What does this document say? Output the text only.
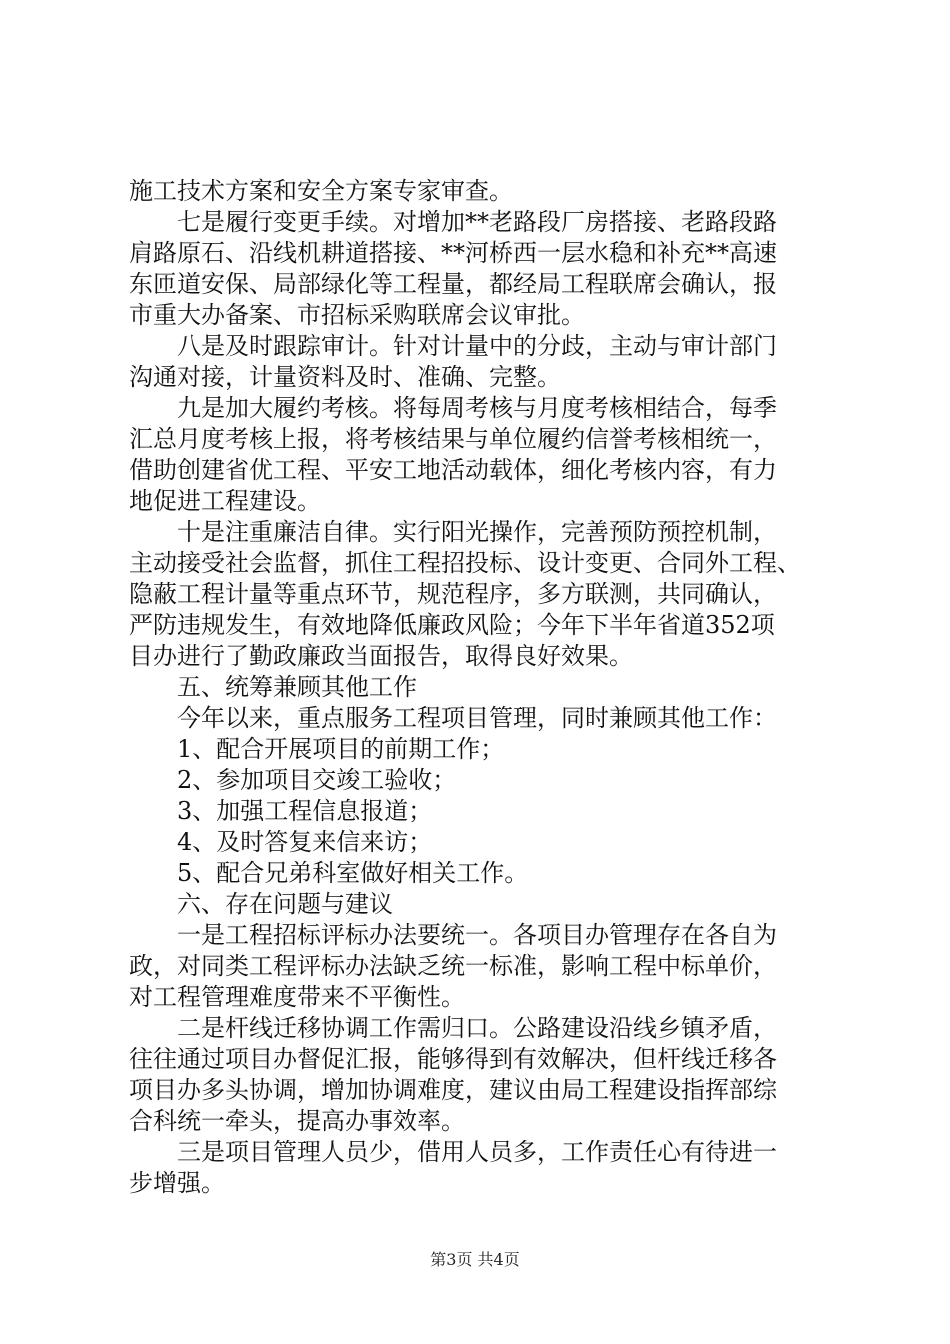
施工技术方案和安全方案专家审查。
七是履行变更手续。对增加**老路段厂房搭接、老路段路
肩路原石、沿线机耕道搭接、**河桥西一层水稳和补充**高速
东匝道安保、局部绿化等工程量，都经局工程联席会确认，报
市重大办备案、市招标采购联席会议审批。
八是及时跟踪审计。针对计量中的分歧，主动与审计部门
沟通对接，计量资料及时、准确、完整。
九是加大履约考核。将每周考核与月度考核相结合，每季
汇总月度考核上报，将考核结果与单位履约信誉考核相统一，
借助创建省优工程、平安工地活动载体，细化考核内容，有力
地促进工程建设。
十是注重廉洁自律。实行阳光操作，完善预防预控机制，
主动接受社会监督，抓住工程招投标、设计变更、合同外工程、
隐蔽工程计量等重点环节，规范程序，多方联测，共同确认，
严防违规发生，有效地降低廉政风险；今年下半年省道352项
目办进行了勤政廉政当面报告，取得良好效果。
五、统筹兼顾其他工作
今年以来，重点服务工程项目管理，同时兼顾其他工作：
1、配合开展项目的前期工作；
2、参加项目交竣工验收；
3、加强工程信息报道；
4、及时答复来信来访；
5、配合兄弟科室做好相关工作。
六、存在问题与建议
一是工程招标评标办法要统一。各项目办管理存在各自为
政，对同类工程评标办法缺乏统一标准，影响工程中标单价，
对工程管理难度带来不平衡性。
二是杆线迁移协调工作需归口。公路建设沿线乡镇矛盾，
往往通过项目办督促汇报，能够得到有效解决，但杆线迁移各
项目办多头协调，增加协调难度，建议由局工程建设指挥部综
合科统一牵头，提高办事效率。
三是项目管理人员少，借用人员多，工作责任心有待进一
步增强。
第3页 共4页
